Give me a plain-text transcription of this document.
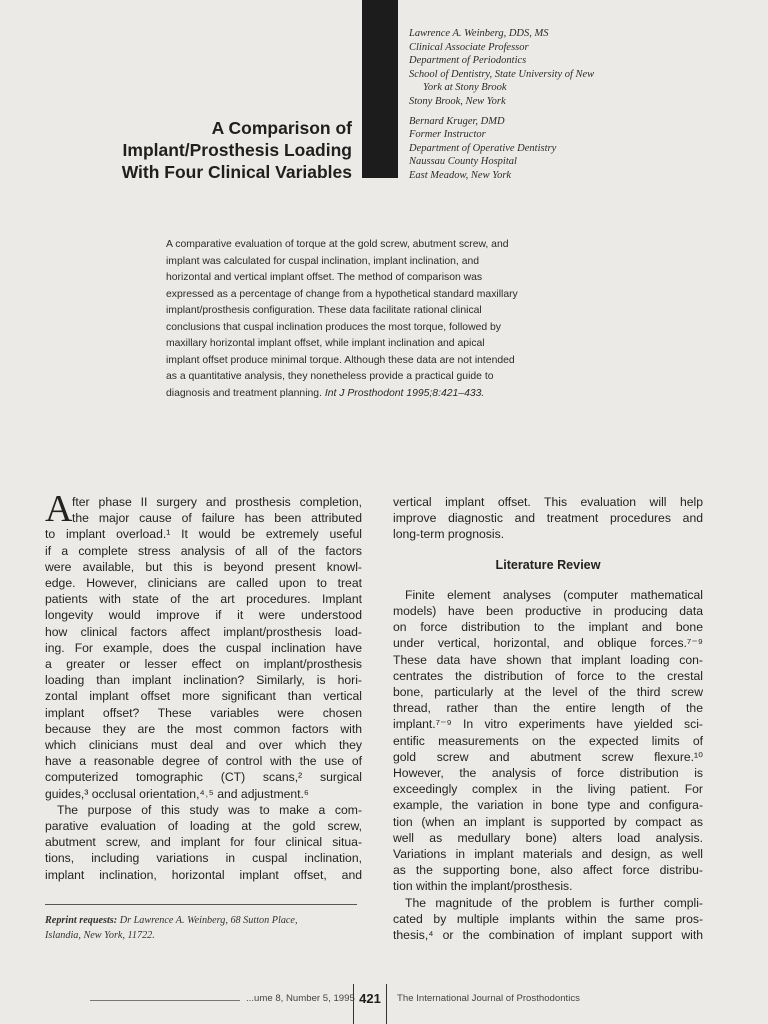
A Comparison of
Implant/Prosthesis Loading
With Four Clinical Variables
Lawrence A. Weinberg, DDS, MS
Clinical Associate Professor
Department of Periodontics
School of Dentistry, State University of New
York at Stony Brook
Stony Brook, New York
Bernard Kruger, DMD
Former Instructor
Department of Operative Dentistry
Naussau County Hospital
East Meadow, New York
A comparative evaluation of torque at the gold screw, abutment screw, and
implant was calculated for cuspal inclination, implant inclination, and
horizontal and vertical implant offset. The method of comparison was
expressed as a percentage of change from a hypothetical standard maxillary
implant/prosthesis configuration. These data facilitate rational clinical
conclusions that cuspal inclination produces the most torque, followed by
maxillary horizontal implant offset, while implant inclination and apical
implant offset produce minimal torque. Although these data are not intended
as a quantitative analysis, they nonetheless provide a practical guide to
diagnosis and treatment planning. Int J Prosthodont 1995;8:421–433.
A fter phase II surgery and prosthesis completion,
the major cause of failure has been attributed
to implant overload.¹ It would be extremely useful
if a complete stress analysis of all of the factors
were available, but this is beyond present knowl-
edge. However, clinicians are called upon to treat
patients with state of the art procedures. Implant
longevity would improve if it were understood
how clinical factors affect implant/prosthesis load-
ing. For example, does the cuspal inclination have
a greater or lesser effect on implant/prosthesis
loading than implant inclination? Similarly, is hori-
zontal implant offset more significant than vertical
implant offset? These variables were chosen
because they are the most common factors with
which clinicians must deal and over which they
have a reasonable degree of control with the use of
computerized tomographic (CT) scans,² surgical
guides,³ occlusal orientation,⁴˒⁵ and adjustment.⁶
The purpose of this study was to make a com-
parative evaluation of loading at the gold screw,
abutment screw, and implant for four clinical situa-
tions, including variations in cuspal inclination,
implant inclination, horizontal implant offset, and
vertical implant offset. This evaluation will help
improve diagnostic and treatment procedures and
long-term prognosis.
Literature Review
Finite element analyses (computer mathematical
models) have been productive in producing data
on force distribution to the implant and bone
under vertical, horizontal, and oblique forces.⁷⁻⁹
These data have shown that implant loading con-
centrates the distribution of force to the crestal
bone, particularly at the level of the third screw
thread, rather than the entire length of the
implant.⁷⁻⁹ In vitro experiments have yielded sci-
entific measurements on the expected limits of
gold screw and abutment screw flexure.¹⁰
However, the analysis of force distribution is
exceedingly complex in the living patient. For
example, the variation in bone type and configura-
tion (when an implant is supported by compact as
well as medullary bone) alters load analysis.
Variations in implant materials and design, as well
as the supporting bone, also affect force distribu-
tion within the implant/prosthesis.
The magnitude of the problem is further compli-
cated by multiple implants within the same pros-
thesis,⁴ or the combination of implant support with
Reprint requests: Dr Lawrence A. Weinberg, 68 Sutton Place,
Islandia, New York, 11722.
...ume 8, Number 5, 1995 421	The International Journal of Prosthodontics
